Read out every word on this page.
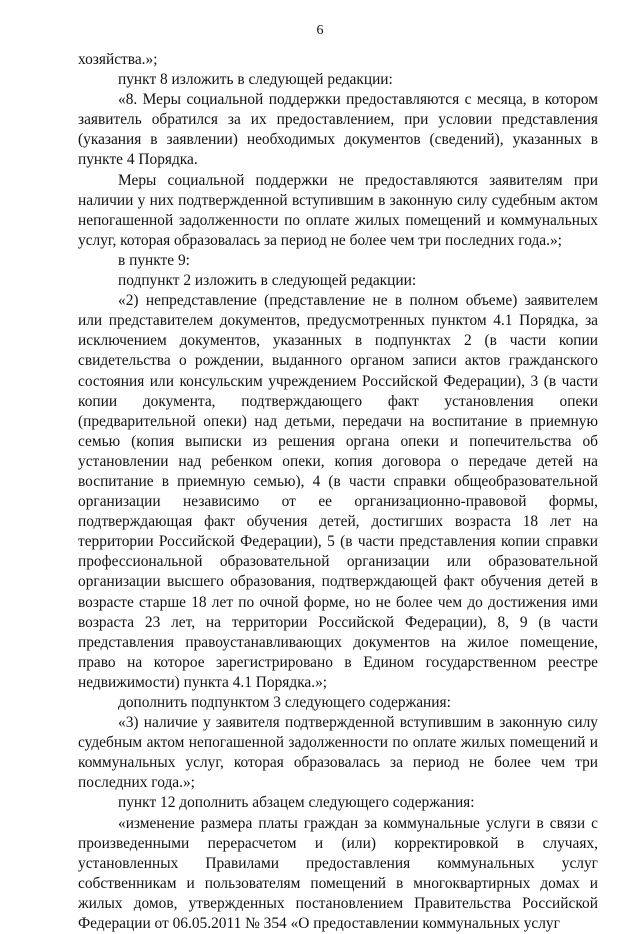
6

хозяйства.»;

пункт 8 изложить в следующей редакции:

«8. Меры социальной поддержки предоставляются с месяца, в котором заявитель обратился за их предоставлением, при условии представления (указания в заявлении) необходимых документов (сведений), указанных в пункте 4 Порядка.

Меры социальной поддержки не предоставляются заявителям при наличии у них подтвержденной вступившим в законную силу судебным актом непогашенной задолженности по оплате жилых помещений и коммунальных услуг, которая образовалась за период не более чем три последних года.»;

в пункте 9:

подпункт 2 изложить в следующей редакции:

«2) непредставление (представление не в полном объеме) заявителем или представителем документов, предусмотренных пунктом 4.1 Порядка, за исключением документов, указанных в подпунктах 2 (в части копии свидетельства о рождении, выданного органом записи актов гражданского состояния или консульским учреждением Российской Федерации), 3 (в части копии документа, подтверждающего факт установления опеки (предварительной опеки) над детьми, передачи на воспитание в приемную семью (копия выписки из решения органа опеки и попечительства об установлении над ребенком опеки, копия договора о передаче детей на воспитание в приемную семью), 4 (в части справки общеобразовательной организации независимо от ее организационно-правовой формы, подтверждающая факт обучения детей, достигших возраста 18 лет на территории Российской Федерации), 5 (в части представления копии справки профессиональной образовательной организации или образовательной организации высшего образования, подтверждающей факт обучения детей в возрасте старше 18 лет по очной форме, но не более чем до достижения ими возраста 23 лет, на территории Российской Федерации), 8, 9 (в части представления правоустанавливающих документов на жилое помещение, право на которое зарегистрировано в Едином государственном реестре недвижимости) пункта 4.1 Порядка.»;

дополнить подпунктом 3 следующего содержания:

«3) наличие у заявителя подтвержденной вступившим в законную силу судебным актом непогашенной задолженности по оплате жилых помещений и коммунальных услуг, которая образовалась за период не более чем три последних года.»;

пункт 12 дополнить абзацем следующего содержания:

«изменение размера платы граждан за коммунальные услуги в связи с произведенными перерасчетом и (или) корректировкой в случаях, установленных Правилами предоставления коммунальных услуг собственникам и пользователям помещений в многоквартирных домах и жилых домов, утвержденных постановлением Правительства Российской Федерации от 06.05.2011 № 354 «О предоставлении коммунальных услуг
